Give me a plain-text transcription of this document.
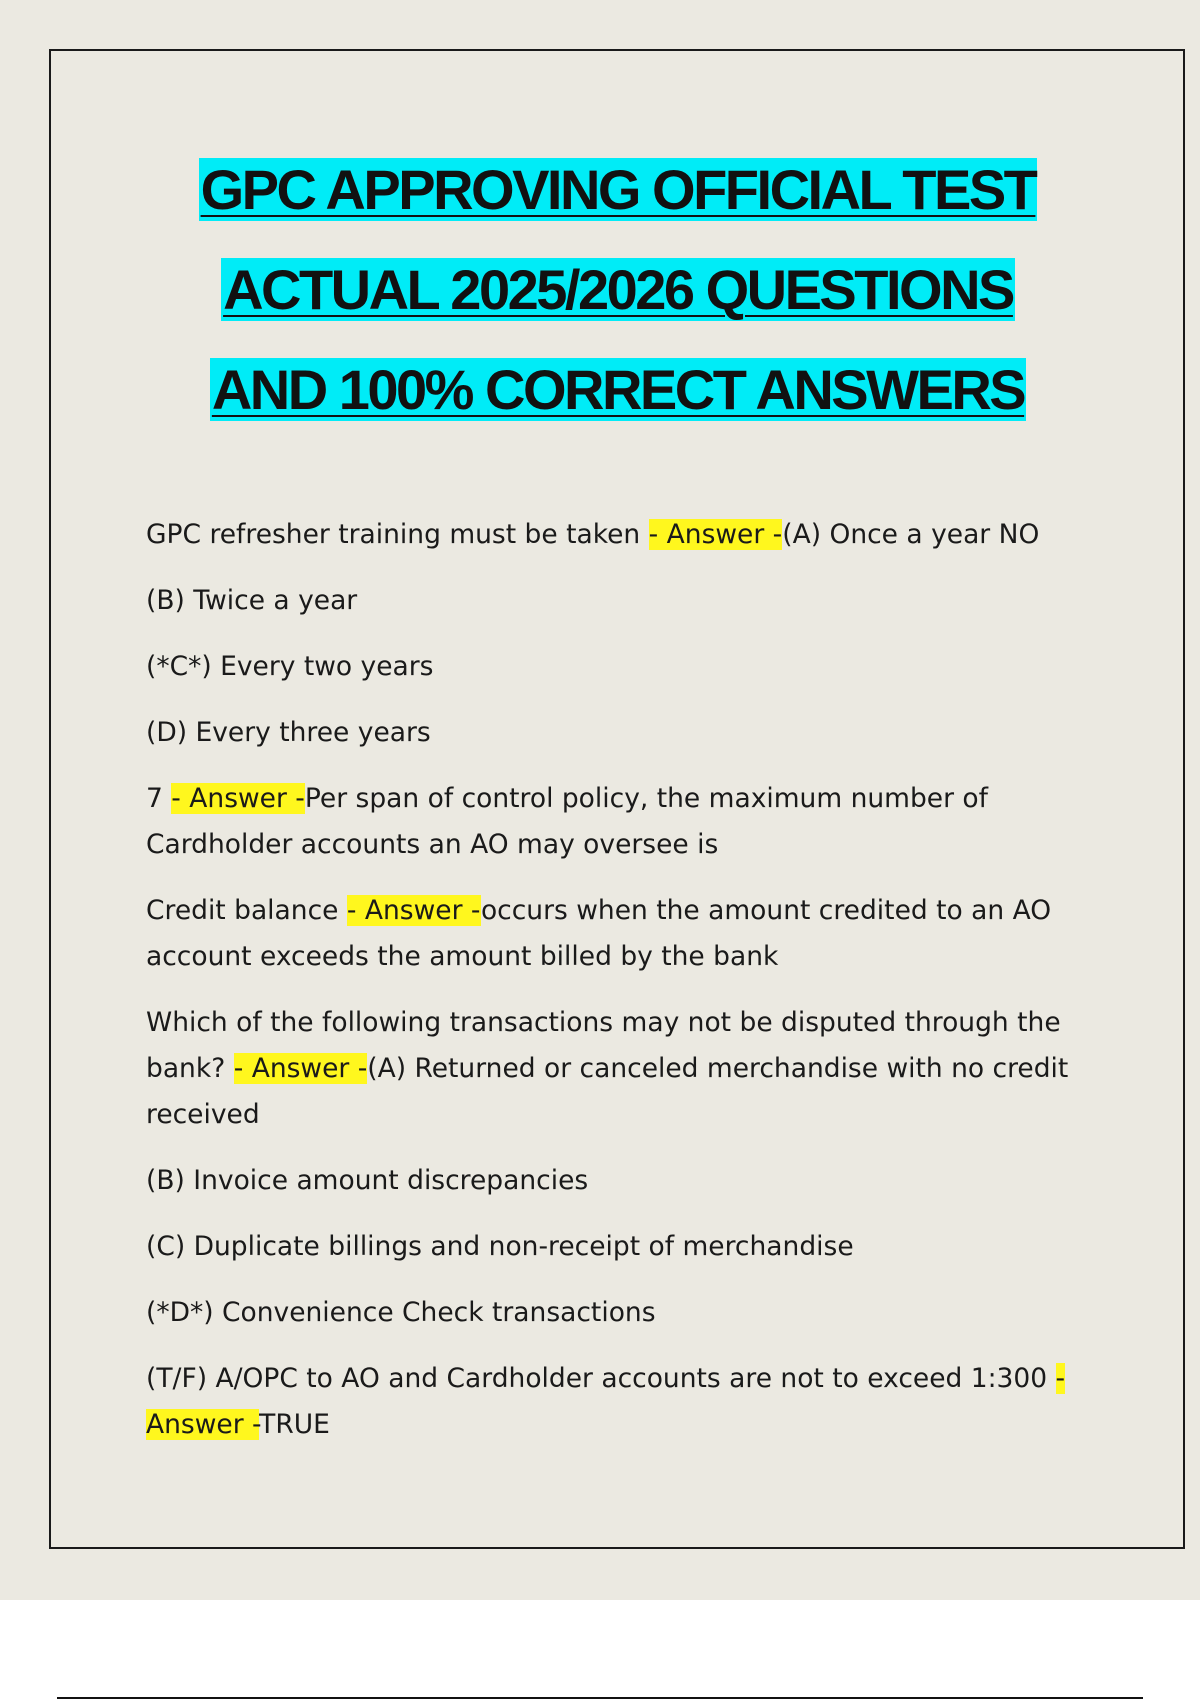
GPC APPROVING OFFICIAL TEST
ACTUAL 2025/2026 QUESTIONS
AND 100% CORRECT ANSWERS

GPC refresher training must be taken - Answer -(A) Once a year NO

(B) Twice a year

(*C*) Every two years

(D) Every three years

7 - Answer -Per span of control policy, the maximum number of Cardholder accounts an AO may oversee is

Credit balance - Answer -occurs when the amount credited to an AO account exceeds the amount billed by the bank

Which of the following transactions may not be disputed through the bank? - Answer -(A) Returned or canceled merchandise with no credit received

(B) Invoice amount discrepancies

(C) Duplicate billings and non-receipt of merchandise

(*D*) Convenience Check transactions

(T/F) A/OPC to AO and Cardholder accounts are not to exceed 1:300 - Answer -TRUE
